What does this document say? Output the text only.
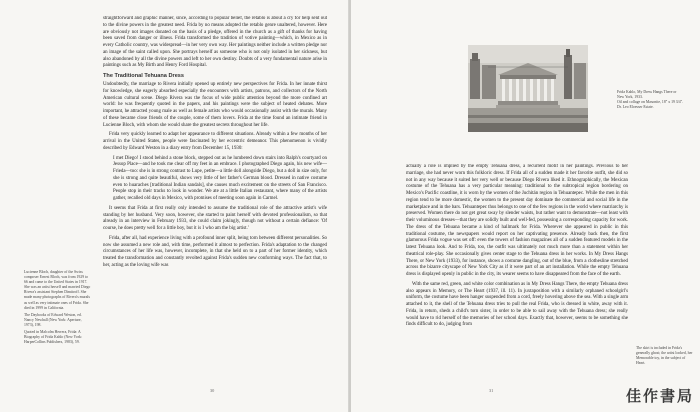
straightforward and graphic manner, since, according to popular belief, the retablo is about a cry for help sent out to the divine powers in the greatest need. Frida by no means adopted the retablo genre unaltered, however. Here are obviously not images donated on the basis of a pledge, offered in the church as a gift of thanks for having been saved from danger or illness. Frida transformed the tradition of votive painting—which, in Mexico as in every Catholic country, was widespread—in her very own way. Her paintings neither include a written pledge nor an image of the saint called upon. She portrays herself as someone who is not only isolated in her sickness, but also abandoned by all the divine powers and left to her own destiny. Doubts of a very fundamental nature arise in paintings such as My Birth and Henry Ford Hospital.

The Traditional Tehuana Dress

Undoubtedly, the marriage to Rivera initially opened up entirely new perspectives for Frida. In her innate thirst for knowledge, she eagerly absorbed especially the encounters with artists, patrons, and collectors of the North American cultural scene. Diego Rivera was the focus of wide public attention beyond the more confined art world: he was frequently quoted in the papers, and his paintings were the subject of heated debates. More important, he attracted young male as well as female artists who would occasionally assist with the murals. Many of these became close friends of the couple, some of them lovers. Frida at the time found an intimate friend in Lucienne Bloch, with whom she would share the greatest secrets throughout her life.

Frida very quickly learned to adapt her appearance to different situations. Already within a few months of her arrival in the United States, people were fascinated by her eccentric demeanor. This phenomenon is vividly described by Edward Weston in a diary entry from December 15, 1930:

I met Diego! I stood behind a stone block, stepped out as he lumbered down stairs into Ralph's courtyard on Jessop Place—and he took me clear off my feet in an embrace. I photographed Diego again, his new wife—Frieda—too: she is in strong contrast to Lupe, petite—a little doll alongside Diego, but a doll in size only, for she is strong and quite beautiful, shows very little of her father's German blood. Dressed in native costume even to huaraches [traditional Indian sandals], she causes much excitement on the streets of San Francisco. People stop in their tracks to look in wonder. We ate at a little Italian restaurant, where many of the artists gather, recalled old days in Mexico, with promises of meeting soon again in Carmel.

It seems that Frida at first really only intended to assume the traditional role of the attractive artist's wife standing by her husband. Very soon, however, she started to paint herself with devoted professionalism, so that already in an interview in February 1933, she could claim jokingly, though not without a certain defiance: 'Of course, he does pretty well for a little boy, but it is I who am the big artist.'

Frida, after all, had experience living with a profound inner split, being torn between different personalities. So now she assumed a new role and, with time, performed it almost to perfection. Frida's adaptation to the changed circumstances of her life was, however, incomplete, in that she held on to a part of her former identity, which treated the transformation and constantly revolted against Frida's sudden new conforming ways. The fact that, to her, acting as the loving wife was

Lucienne Bloch, daughter of the Swiss composer Ernest Bloch, was from 1929 to 66 and came to the United States in 1917. She was an artist herself and married Diego Rivera's assistant Stephen Dimitroff. She made many photographs of Rivera's murals as well as very intimate ones of Frida. She died in 1999 in California.

The Daybooks of Edward Weston, ed. Nancy Newhall (New York: Aperture, 1973), 198.

Quoted in Malcolm Herrera, Frida: A Biography of Frida Kahlo (New York: HarperCollins Publishers, 1983), 59.

30
Frida Kahlo, My Dress Hangs There or
New York, 1933.
Oil and collage on Masonite, 18" x 19 3/4".
Dr. Leo Eloesser Estate.

actually a role is implied by the empty Tehuana dress, a recurrent motif in her paintings. Previous to her marriage, she had never worn this folkloric dress. If Frida all of a sudden made it her favorite outfit, she did so not in any way because it suited her very well or because Diego Rivera liked it. Ethnographically, the Mexican costume of the Tehuana has a very particular meaning: traditional to the subtropical region bordering on Mexico's Pacific coastline, it is worn by the women of the Juchitán region in Tehuantepec. While the men in this region tend to be more domestic, the women to the present day dominate the commercial and social life in the marketplace and in the bars. Tehuantepec thus belongs to one of the few regions in the world where matriarchy is preserved. Women there do not get great sway by slender waists, but rather want to demonstrate—not least with their voluminous dresses—that they are solidly built and well-fed, possessing a corresponding capacity for work. The dress of the Tehuana became a kind of hallmark for Frida. Wherever she appeared in public in this traditional costume, the newspapers would report on her captivating presence. Already back then, the first glamorous Frida vogue was set off: even the towers of fashion magazines all of a sudden featured models in the latest Tehuana look. And to Frida, too, the outfit was ultimately not much more than a statement within her theatrical role-play. She occasionally gives center stage to the Tehuana dress in her works. In My Dress Hangs There, or New York (1933), for instance, shows a costume dangling, out of the blue, from a clothesline stretched across the bizarre cityscape of New York City as if it were part of an art installation. While the empty Tehuana dress is displayed openly in public in the city, its wearer seems to have disappeared from the face of the earth.

With the same red, green, and white color combination as in My Dress Hangs There, the empty Tehuana dress also appears in Memory, or The Heart (1937, ill. 11). In juxtaposition with a similarly orphaned schoolgirl's uniform, the costume have been hanger suspended from a cord, freely hovering above the sea. With a single arm attached to it, the shell of the Tehuana dress tries to pull the real Frida, who is dressed in white, away with it. Frida, in return, sheds a child's torn sister, in order to be able to sail away with the Tehuana dress; she really would have to rid herself of the memories of her school days. Exactly that, however, seems to be something she finds difficult to do, judging from

The skirt is included in Frida's generally ghost; the artist looked, her Memorable toy, in the subject of Heart.

31	佳作書局
